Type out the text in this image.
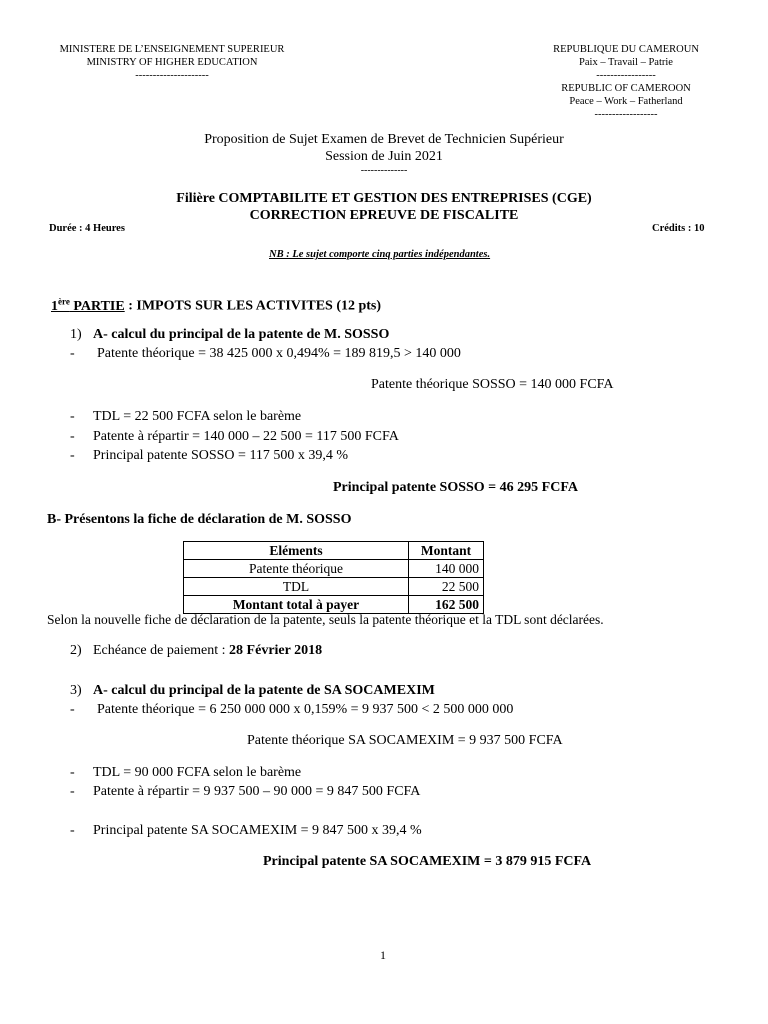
MINISTERE DE L’ENSEIGNEMENT SUPERIEUR
MINISTRY OF HIGHER EDUCATION
---------------------
REPUBLIQUE DU CAMEROUN
Paix – Travail – Patrie
-----------------
REPUBLIC OF CAMEROON
Peace – Work – Fatherland
------------------
Proposition de Sujet Examen de Brevet de Technicien Supérieur
Session de Juin 2021
--------------
Filière COMPTABILITE ET GESTION DES ENTREPRISES (CGE)
CORRECTION EPREUVE DE FISCALITE
Durée : 4 Heures	Crédits : 10
NB : Le sujet comporte cinq parties indépendantes.
1ère PARTIE : IMPOTS SUR LES ACTIVITES (12 pts)
1) A- calcul du principal de la patente de M. SOSSO
- Patente théorique = 38 425 000 x 0,494% = 189 819,5 > 140 000
Patente théorique SOSSO = 140 000 FCFA
- TDL = 22 500 FCFA selon le barème
- Patente à répartir = 140 000 – 22 500 = 117 500 FCFA
- Principal patente SOSSO = 117 500 x 39,4 %
Principal patente SOSSO = 46 295 FCFA
B- Présentons la fiche de déclaration de M. SOSSO
Eléments	Montant
Patente théorique	140 000
TDL	22 500
Montant total à payer	162 500
Selon la nouvelle fiche de déclaration de la patente, seuls la patente théorique et la TDL sont déclarées.
2) Echéance de paiement : 28 Février 2018
3) A- calcul du principal de la patente de SA SOCAMEXIM
- Patente théorique = 6 250 000 000 x 0,159% = 9 937 500 < 2 500 000 000
Patente théorique SA SOCAMEXIM = 9 937 500 FCFA
- TDL = 90 000 FCFA selon le barème
- Patente à répartir = 9 937 500 – 90 000 = 9 847 500 FCFA
- Principal patente SA SOCAMEXIM = 9 847 500 x 39,4 %
Principal patente SA SOCAMEXIM = 3 879 915 FCFA
1
